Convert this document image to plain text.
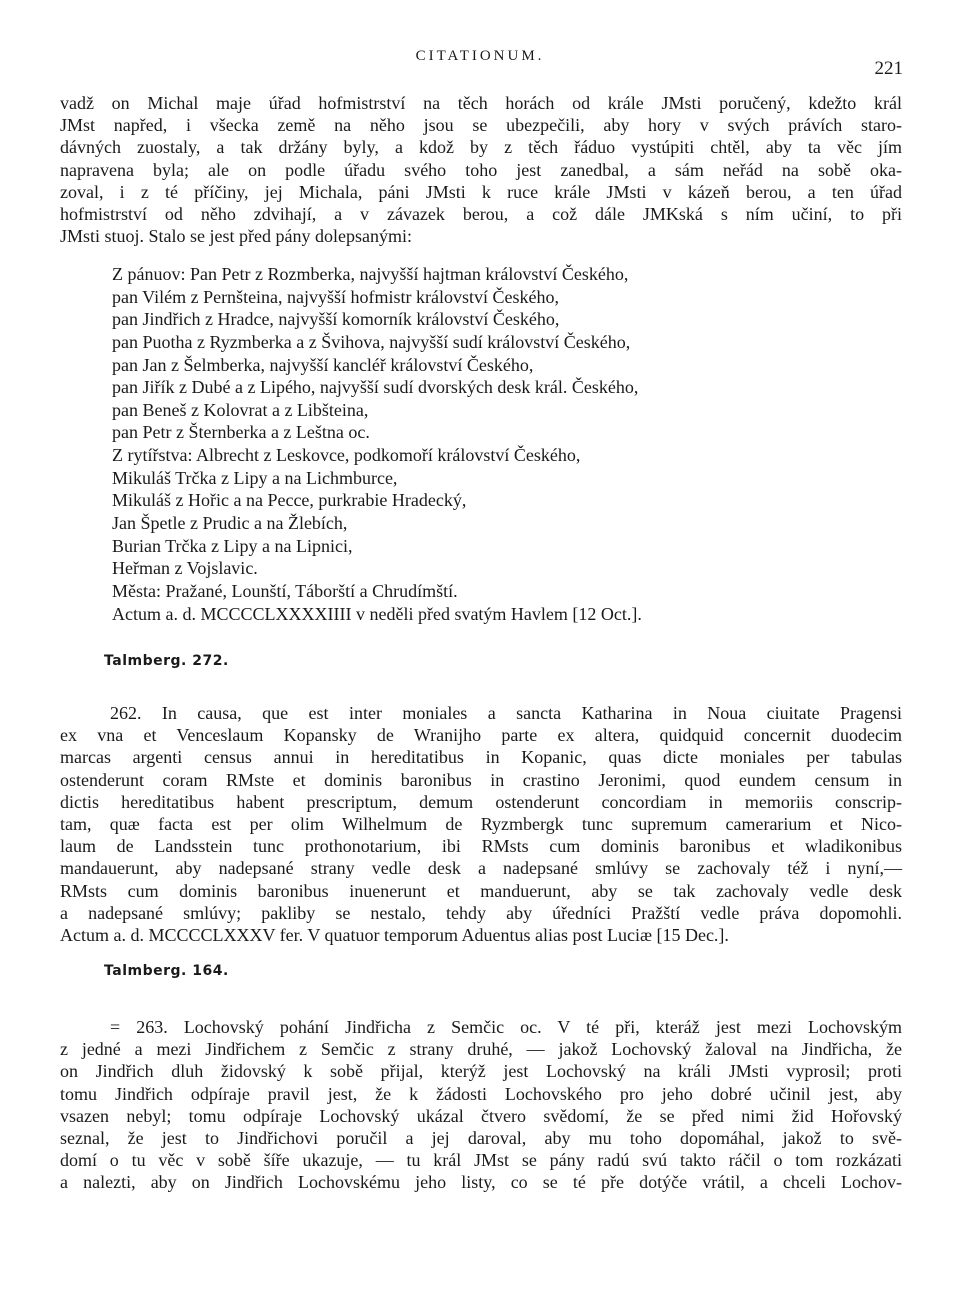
CITATIONUM.
221
vadž on Michal maje úřad hofmistrství na těch horách od krále JMsti poručený, kdežto král
JMst napřed, i všecka země na něho jsou se ubezpečili, aby hory v svých právích staro-
dávných zuostaly, a tak držány byly, a kdož by z těch řáduo vystúpiti chtěl, aby ta věc jím
napravena byla; ale on podle úřadu svého toho jest zanedbal, a sám neřád na sobě oka-
zoval, i z té příčiny, jej Michala, páni JMsti k ruce krále JMsti v kázeň berou, a ten úřad
hofmistrství od něho zdvihají, a v závazek berou, a což dále JMKská s ním učiní, to při
JMsti stuoj. Stalo se jest před pány dolepsanými:
Z pánuov: Pan Petr z Rozmberka, najvyšší hajtman království Českého,
pan Vilém z Pernšteina, najvyšší hofmistr království Českého,
pan Jindřich z Hradce, najvyšší komorník království Českého,
pan Puotha z Ryzmberka a z Švihova, najvyšší sudí království Českého,
pan Jan z Šelmberka, najvyšší kancléř království Českého,
pan Jiřík z Dubé a z Lipého, najvyšší sudí dvorských desk král. Českého,
pan Beneš z Kolovrat a z Libšteina,
pan Petr z Šternberka a z Leštna oc.
Z rytířstva: Albrecht z Leskovce, podkomoří království Českého,
Mikuláš Trčka z Lipy a na Lichmburce,
Mikuláš z Hořic a na Pecce, purkrabie Hradecký,
Jan Špetle z Prudic a na Žlebích,
Burian Trčka z Lipy a na Lipnici,
Heřman z Vojslavic.
Města: Pražané, Lounští, Táborští a Chrudímští.
Actum a. d. MCCCCLXXXXIIII v neděli před svatým Havlem [12 Oct.].
Talmberg. 272.
262. In causa, que est inter moniales a sancta Katharina in Noua ciuitate Pragensi
ex vna et Venceslaum Kopansky de Wranijho parte ex altera, quidquid concernit duodecim
marcas argenti census annui in hereditatibus in Kopanic, quas dicte moniales per tabulas
ostenderunt coram RMste et dominis baronibus in crastino Jeronimi, quod eundem censum in
dictis hereditatibus habent prescriptum, demum ostenderunt concordiam in memoriis conscrip-
tam, quæ facta est per olim Wilhelmum de Ryzmbergk tunc supremum camerarium et Nico-
laum de Landsstein tunc prothonotarium, ibi RMsts cum dominis baronibus et wladikonibus
mandauerunt, aby nadepsané strany vedle desk a nadepsané smlúvy se zachovaly též i nyní,—
RMsts cum dominis baronibus inuenerunt et manduerunt, aby se tak zachovaly vedle desk
a nadepsané smlúvy; pakliby se nestalo, tehdy aby úředníci Pražští vedle práva dopomohli.
Actum a. d. MCCCCLXXXV fer. V quatuor temporum Aduentus alias post Luciæ [15 Dec.].
Talmberg. 164.
= 263. Lochovský pohání Jindřicha z Semčic oc. V té při, kteráž jest mezi Lochovským
z jedné a mezi Jindřichem z Semčic z strany druhé, — jakož Lochovský žaloval na Jindřicha, že
on Jindřich dluh židovský k sobě přijal, kterýž jest Lochovský na králi JMsti vyprosil; proti
tomu Jindřich odpíraje pravil jest, že k žádosti Lochovského pro jeho dobré učinil jest, aby
vsazen nebyl; tomu odpíraje Lochovský ukázal čtvero svědomí, že se před nimi žid Hořovský
seznal, že jest to Jindřichovi poručil a jej daroval, aby mu toho dopomáhal, jakož to svě-
domí o tu věc v sobě šíře ukazuje, — tu král JMst se pány radú svú takto ráčil o tom rozkázati
a nalezti, aby on Jindřich Lochovskému jeho listy, co se té pře dotýče vrátil, a chceli Lochov-
